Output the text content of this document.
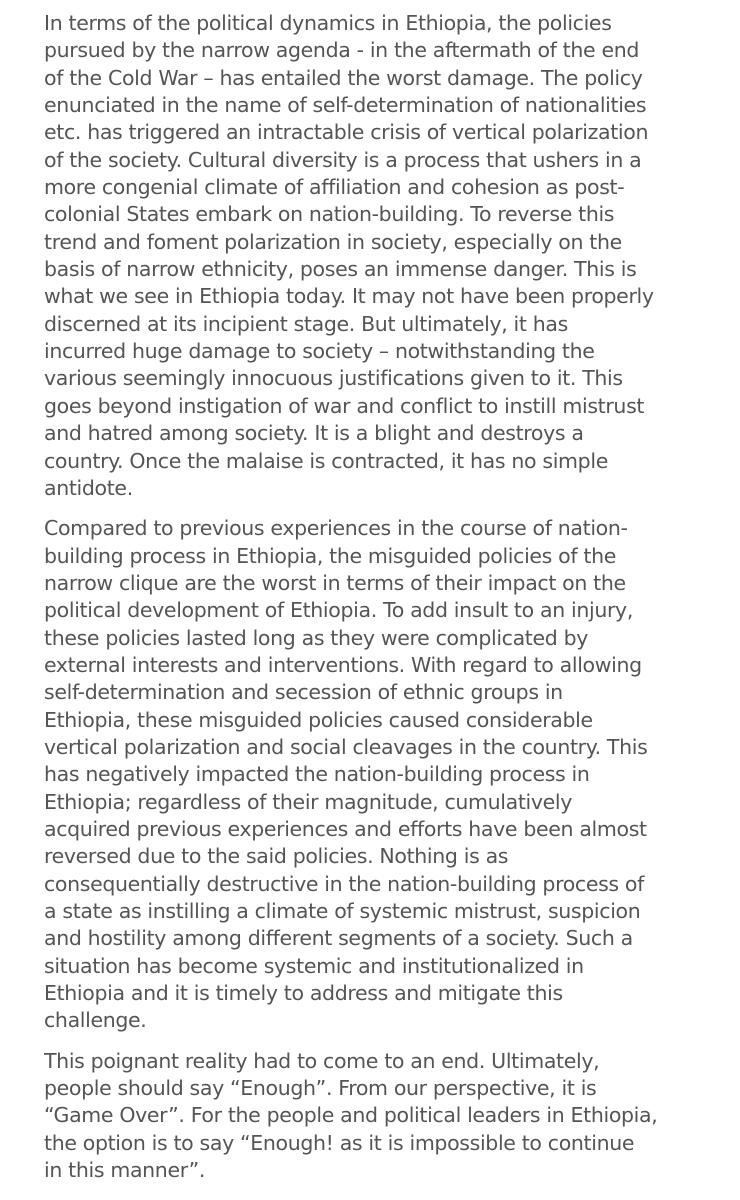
In terms of the political dynamics in Ethiopia, the policies
pursued by the narrow agenda - in the aftermath of the end
of the Cold War – has entailed the worst damage. The policy
enunciated in the name of self-determination of nationalities
etc. has triggered an intractable crisis of vertical polarization
of the society. Cultural diversity is a process that ushers in a
more congenial climate of affiliation and cohesion as post-
colonial States embark on nation-building. To reverse this
trend and foment polarization in society, especially on the
basis of narrow ethnicity, poses an immense danger. This is
what we see in Ethiopia today. It may not have been properly
discerned at its incipient stage. But ultimately, it has
incurred huge damage to society – notwithstanding the
various seemingly innocuous justifications given to it. This
goes beyond instigation of war and conflict to instill mistrust
and hatred among society. It is a blight and destroys a
country. Once the malaise is contracted, it has no simple
antidote.

Compared to previous experiences in the course of nation-
building process in Ethiopia, the misguided policies of the
narrow clique are the worst in terms of their impact on the
political development of Ethiopia. To add insult to an injury,
these policies lasted long as they were complicated by
external interests and interventions. With regard to allowing
self-determination and secession of ethnic groups in
Ethiopia, these misguided policies caused considerable
vertical polarization and social cleavages in the country. This
has negatively impacted the nation-building process in
Ethiopia; regardless of their magnitude, cumulatively
acquired previous experiences and efforts have been almost
reversed due to the said policies. Nothing is as
consequentially destructive in the nation-building process of
a state as instilling a climate of systemic mistrust, suspicion
and hostility among different segments of a society. Such a
situation has become systemic and institutionalized in
Ethiopia and it is timely to address and mitigate this
challenge.

This poignant reality had to come to an end. Ultimately,
people should say “Enough”. From our perspective, it is
“Game Over”. For the people and political leaders in Ethiopia,
the option is to say “Enough! as it is impossible to continue
in this manner”.
